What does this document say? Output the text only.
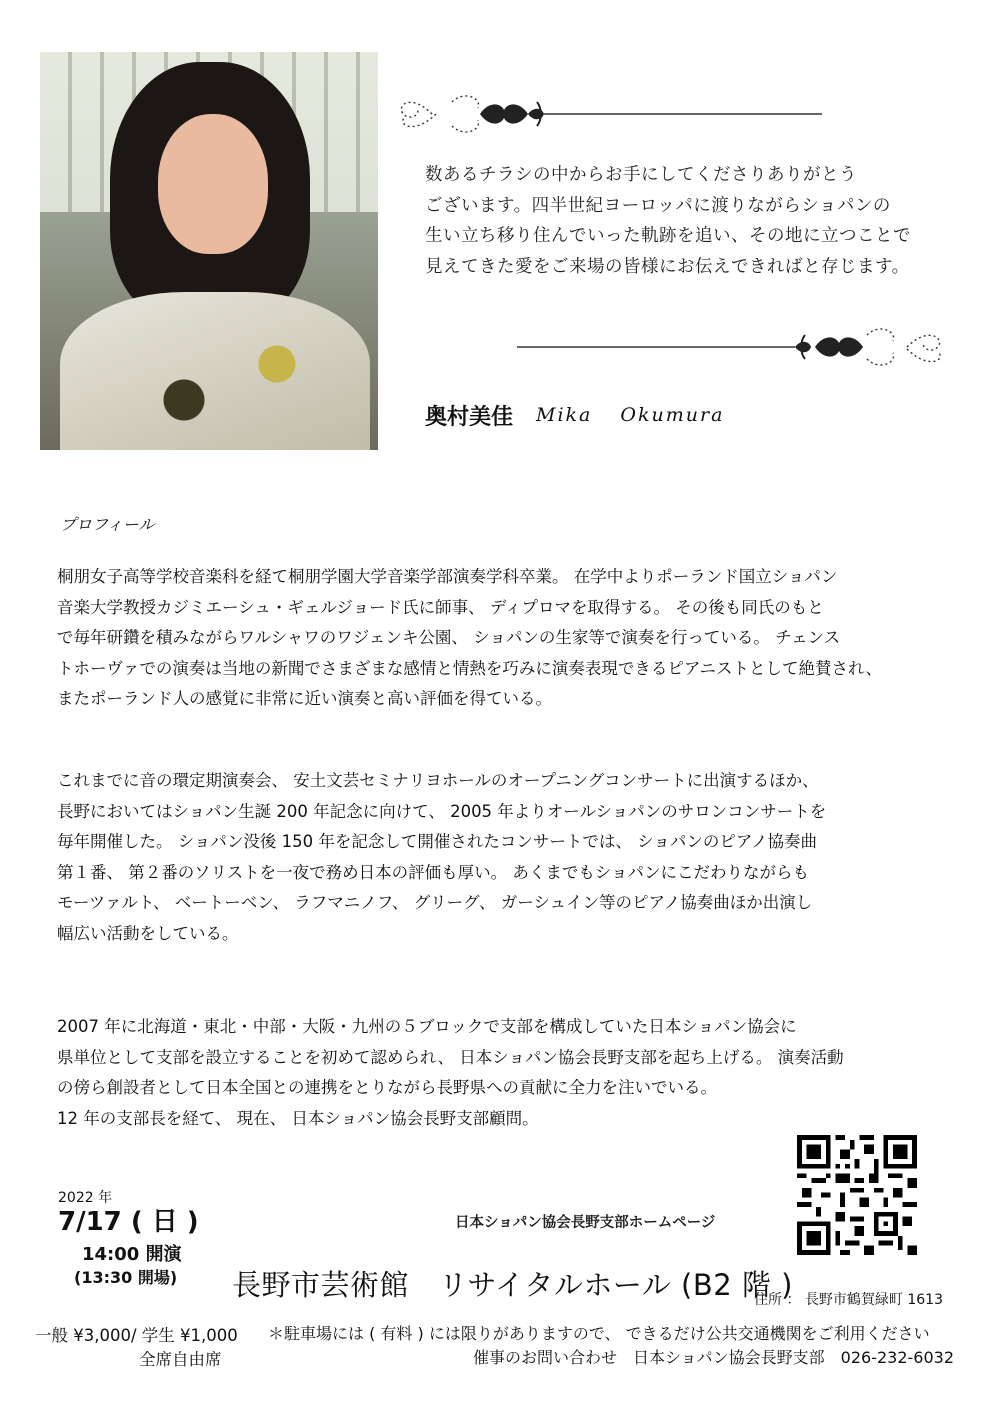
数あるチラシの中からお手にしてくださりありがとう
ございます。四半世紀ヨーロッパに渡りながらショパンの
生い立ち移り住んでいった軌跡を追い、その地に立つことで
見えてきた愛をご来場の皆様にお伝えできればと存じます。
奥村美佳 Mika Okumura
プロフィール
桐朋女子高等学校音楽科を経て桐朋学園大学音楽学部演奏学科卒業。 在学中よりポーランド国立ショパン
音楽大学教授カジミエーシュ・ギェルジョード氏に師事、 ディプロマを取得する。 その後も同氏のもと
で毎年研鑽を積みながらワルシャワのワジェンキ公園、 ショパンの生家等で演奏を行っている。 チェンス
トホーヴァでの演奏は当地の新聞でさまざまな感情と情熱を巧みに演奏表現できるピアニストとして絶賛され、
またポーランド人の感覚に非常に近い演奏と高い評価を得ている。
これまでに音の環定期演奏会、 安土文芸セミナリヨホールのオープニングコンサートに出演するほか、
長野においてはショパン生誕 200 年記念に向けて、 2005 年よりオールショパンのサロンコンサートを
毎年開催した。 ショパン没後 150 年を記念して開催されたコンサートでは、 ショパンのピアノ協奏曲
第１番、 第２番のソリストを一夜で務め日本の評価も厚い。 あくまでもショパンにこだわりながらも
モーツァルト、 ベートーベン、 ラフマニノフ、 グリーグ、 ガーシュイン等のピアノ協奏曲ほか出演し
幅広い活動をしている。
2007 年に北海道・東北・中部・大阪・九州の５ブロックで支部を構成していた日本ショパン協会に
県単位として支部を設立することを初めて認められ、 日本ショパン協会長野支部を起ち上げる。 演奏活動
の傍ら創設者として日本全国との連携をとりながら長野県への貢献に全力を注いでいる。
12 年の支部長を経て、 現在、 日本ショパン協会長野支部顧問。
2022 年
7/17 ( 日 )
14:00 開演
(13:30 開場)
日本ショパン協会長野支部ホームページ
長野市芸術館　リサイタルホール (B2 階 )
住所 ： 長野市鶴賀緑町 1613
一般 ¥3,000/ 学生 ¥1,000
全席自由席
＊駐車場には ( 有料 ) には限りがありますので、 できるだけ公共交通機関をご利用ください
催事のお問い合わせ　日本ショパン協会長野支部　026-232-6032
